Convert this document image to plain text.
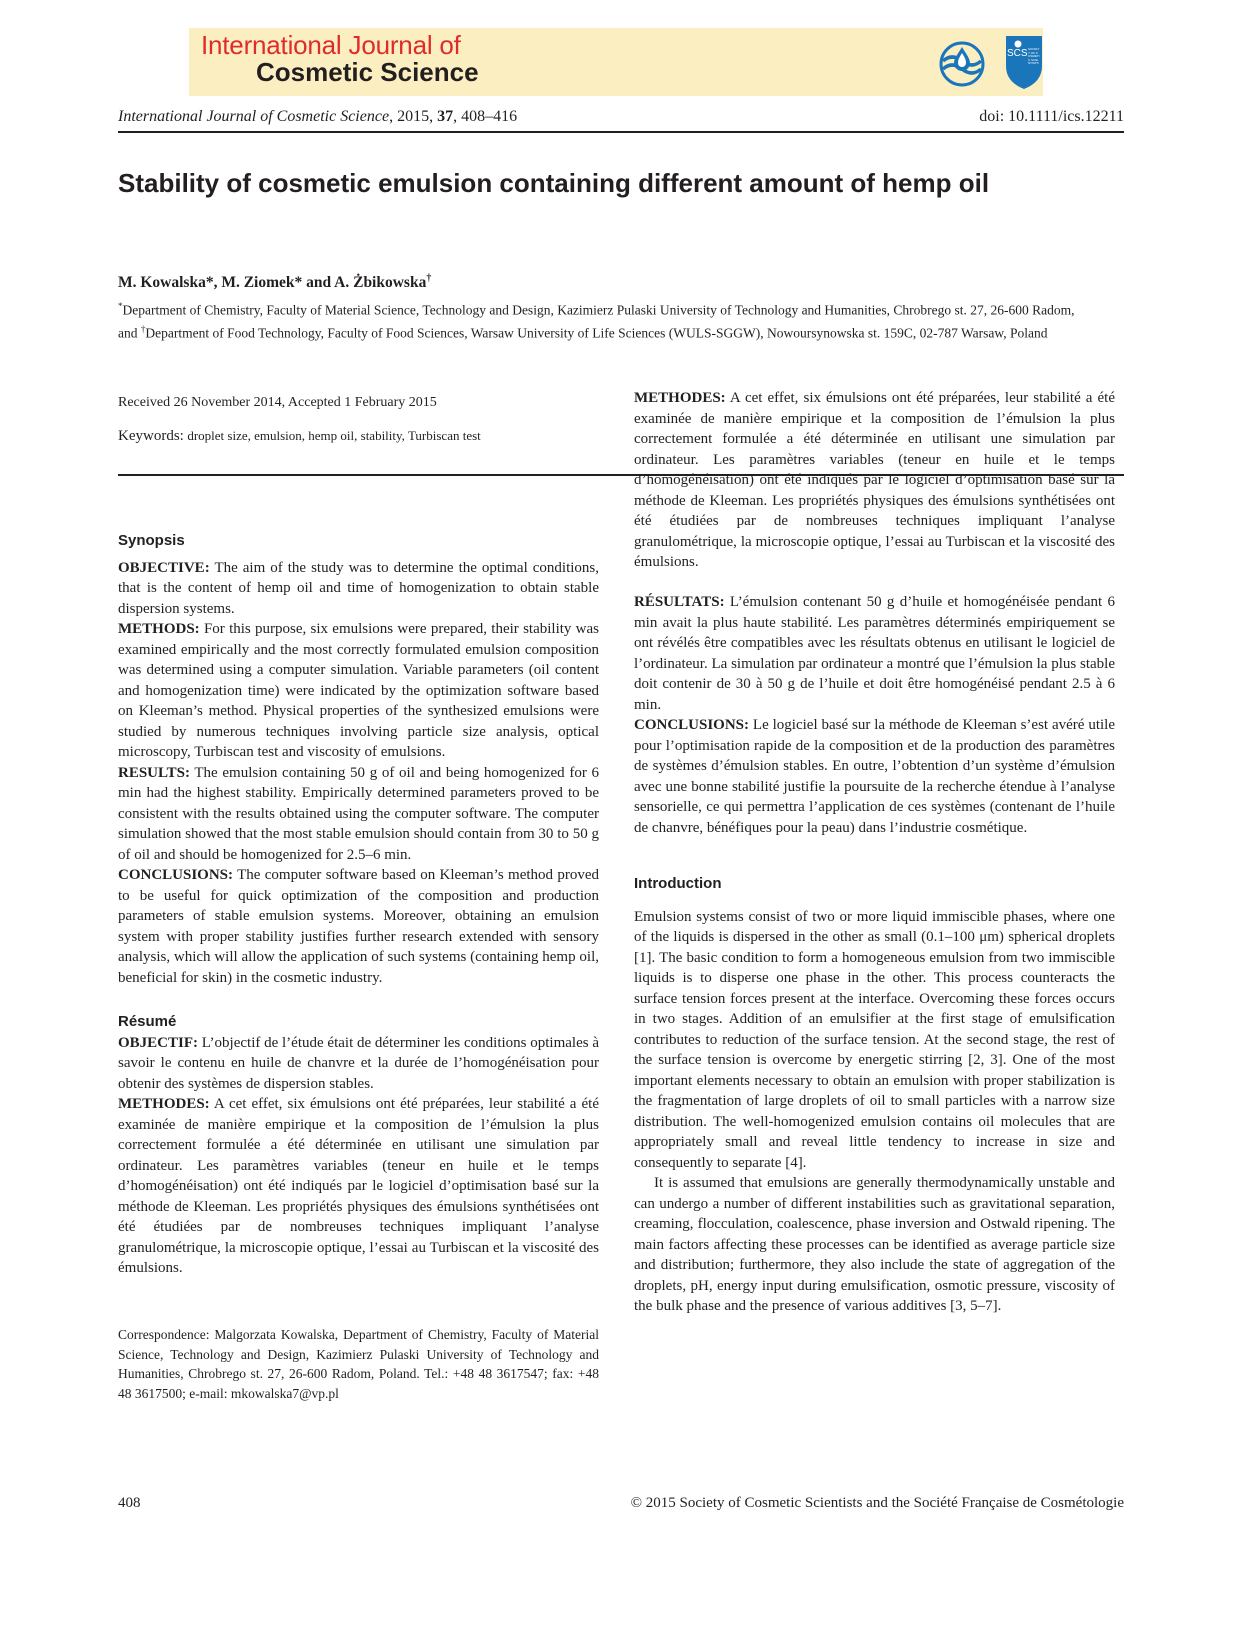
International Journal of
Cosmetic Science
SCS SOCIETY OF COSMETIC SCIENTISTS
International Journal of Cosmetic Science, 2015, 37, 408–416	doi: 10.1111/ics.12211
Stability of cosmetic emulsion containing different amount of hemp oil
M. Kowalska*, M. Ziomek* and A. Żbikowska†
*Department of Chemistry, Faculty of Material Science, Technology and Design, Kazimierz Pulaski University of Technology and Humanities, Chrobrego st. 27, 26-600 Radom, and †Department of Food Technology, Faculty of Food Sciences, Warsaw University of Life Sciences (WULS-SGGW), Nowoursynowska st. 159C, 02-787 Warsaw, Poland
Received 26 November 2014, Accepted 1 February 2015
Keywords: droplet size, emulsion, hemp oil, stability, Turbiscan test
Synopsis

OBJECTIVE: The aim of the study was to determine the optimal conditions, that is the content of hemp oil and time of homogenization to obtain stable dispersion systems.

METHODS: For this purpose, six emulsions were prepared, their stability was examined empirically and the most correctly formulated emulsion composition was determined using a computer simulation. Variable parameters (oil content and homogenization time) were indicated by the optimization software based on Kleeman’s method. Physical properties of the synthesized emulsions were studied by numerous techniques involving particle size analysis, optical microscopy, Turbiscan test and viscosity of emulsions.

RESULTS: The emulsion containing 50 g of oil and being homogenized for 6 min had the highest stability. Empirically determined parameters proved to be consistent with the results obtained using the computer software. The computer simulation showed that the most stable emulsion should contain from 30 to 50 g of oil and should be homogenized for 2.5–6 min.

CONCLUSIONS: The computer software based on Kleeman’s method proved to be useful for quick optimization of the composition and production parameters of stable emulsion systems. Moreover, obtaining an emulsion system with proper stability justifies further research extended with sensory analysis, which will allow the application of such systems (containing hemp oil, beneficial for skin) in the cosmetic industry.

Résumé

OBJECTIF: L’objectif de l’étude était de déterminer les conditions optimales à savoir le contenu en huile de chanvre et la durée de l’homogénéisation pour obtenir des systèmes de dispersion stables.

METHODES: A cet effet, six émulsions ont été préparées, leur stabilité a été examinée de manière empirique et la composition de l’émulsion la plus correctement formulée a été déterminée en utilisant une simulation par ordinateur. Les paramètres variables (teneur en huile et le temps d’homogénéisation) ont été indiqués par le logiciel d’optimisation basé sur la méthode de Kleeman. Les propriétés physiques des émulsions synthétisées ont été étudiées par de nombreuses techniques impliquant l’analyse granulométrique, la microscopie optique, l’essai au Turbiscan et la viscosité des émulsions.

Correspondence: Malgorzata Kowalska, Department of Chemistry, Faculty of Material Science, Technology and Design, Kazimierz Pulaski University of Technology and Humanities, Chrobrego st. 27, 26-600 Radom, Poland. Tel.: +48 48 3617547; fax: +48 48 3617500; e-mail: mkowalska7@vp.pl

METHODES: A cet effet, six émulsions ont été préparées, leur stabilité a été examinée de manière empirique et la composition de l’émulsion la plus correctement formulée a été déterminée en utilisant une simulation par ordinateur. Les paramètres variables (teneur en huile et le temps d’homogénéisation) ont été indiqués par le logiciel d’optimisation basé sur la méthode de Kleeman. Les propriétés physiques des émulsions synthétisées ont été étudiées par de nombreuses techniques impliquant l’analyse granulométrique, la microscopie optique, l’essai au Turbiscan et la viscosité des émulsions.

RÉSULTATS: L’émulsion contenant 50 g d’huile et homogénéisée pendant 6 min avait la plus haute stabilité. Les paramètres déterminés empiriquement se ont révélés être compatibles avec les résultats obtenus en utilisant le logiciel de l’ordinateur. La simulation par ordinateur a montré que l’émulsion la plus stable doit contenir de 30 à 50 g de l’huile et doit être homogénéisé pendant 2.5 à 6 min.

CONCLUSIONS: Le logiciel basé sur la méthode de Kleeman s’est avéré utile pour l’optimisation rapide de la composition et de la production des paramètres de systèmes d’émulsion stables. En outre, l’obtention d’un système d’émulsion avec une bonne stabilité justifie la poursuite de la recherche étendue à l’analyse sensorielle, ce qui permettra l’application de ces systèmes (contenant de l’huile de chanvre, bénéfiques pour la peau) dans l’industrie cosmétique.

Introduction

Emulsion systems consist of two or more liquid immiscible phases, where one of the liquids is dispersed in the other as small (0.1–100 μm) spherical droplets [1]. The basic condition to form a homogeneous emulsion from two immiscible liquids is to disperse one phase in the other. This process counteracts the surface tension forces present at the interface. Overcoming these forces occurs in two stages. Addition of an emulsifier at the first stage of emulsification contributes to reduction of the surface tension. At the second stage, the rest of the surface tension is overcome by energetic stirring [2, 3]. One of the most important elements necessary to obtain an emulsion with proper stabilization is the fragmentation of large droplets of oil to small particles with a narrow size distribution. The well-homogenized emulsion contains oil molecules that are appropriately small and reveal little tendency to increase in size and consequently to separate [4].

It is assumed that emulsions are generally thermodynamically unstable and can undergo a number of different instabilities such as gravitational separation, creaming, flocculation, coalescence, phase inversion and Ostwald ripening. The main factors affecting these processes can be identified as average particle size and distribution; furthermore, they also include the state of aggregation of the droplets, pH, energy input during emulsification, osmotic pressure, viscosity of the bulk phase and the presence of various additives [3, 5–7].

408	© 2015 Society of Cosmetic Scientists and the Société Française de Cosmétologie
